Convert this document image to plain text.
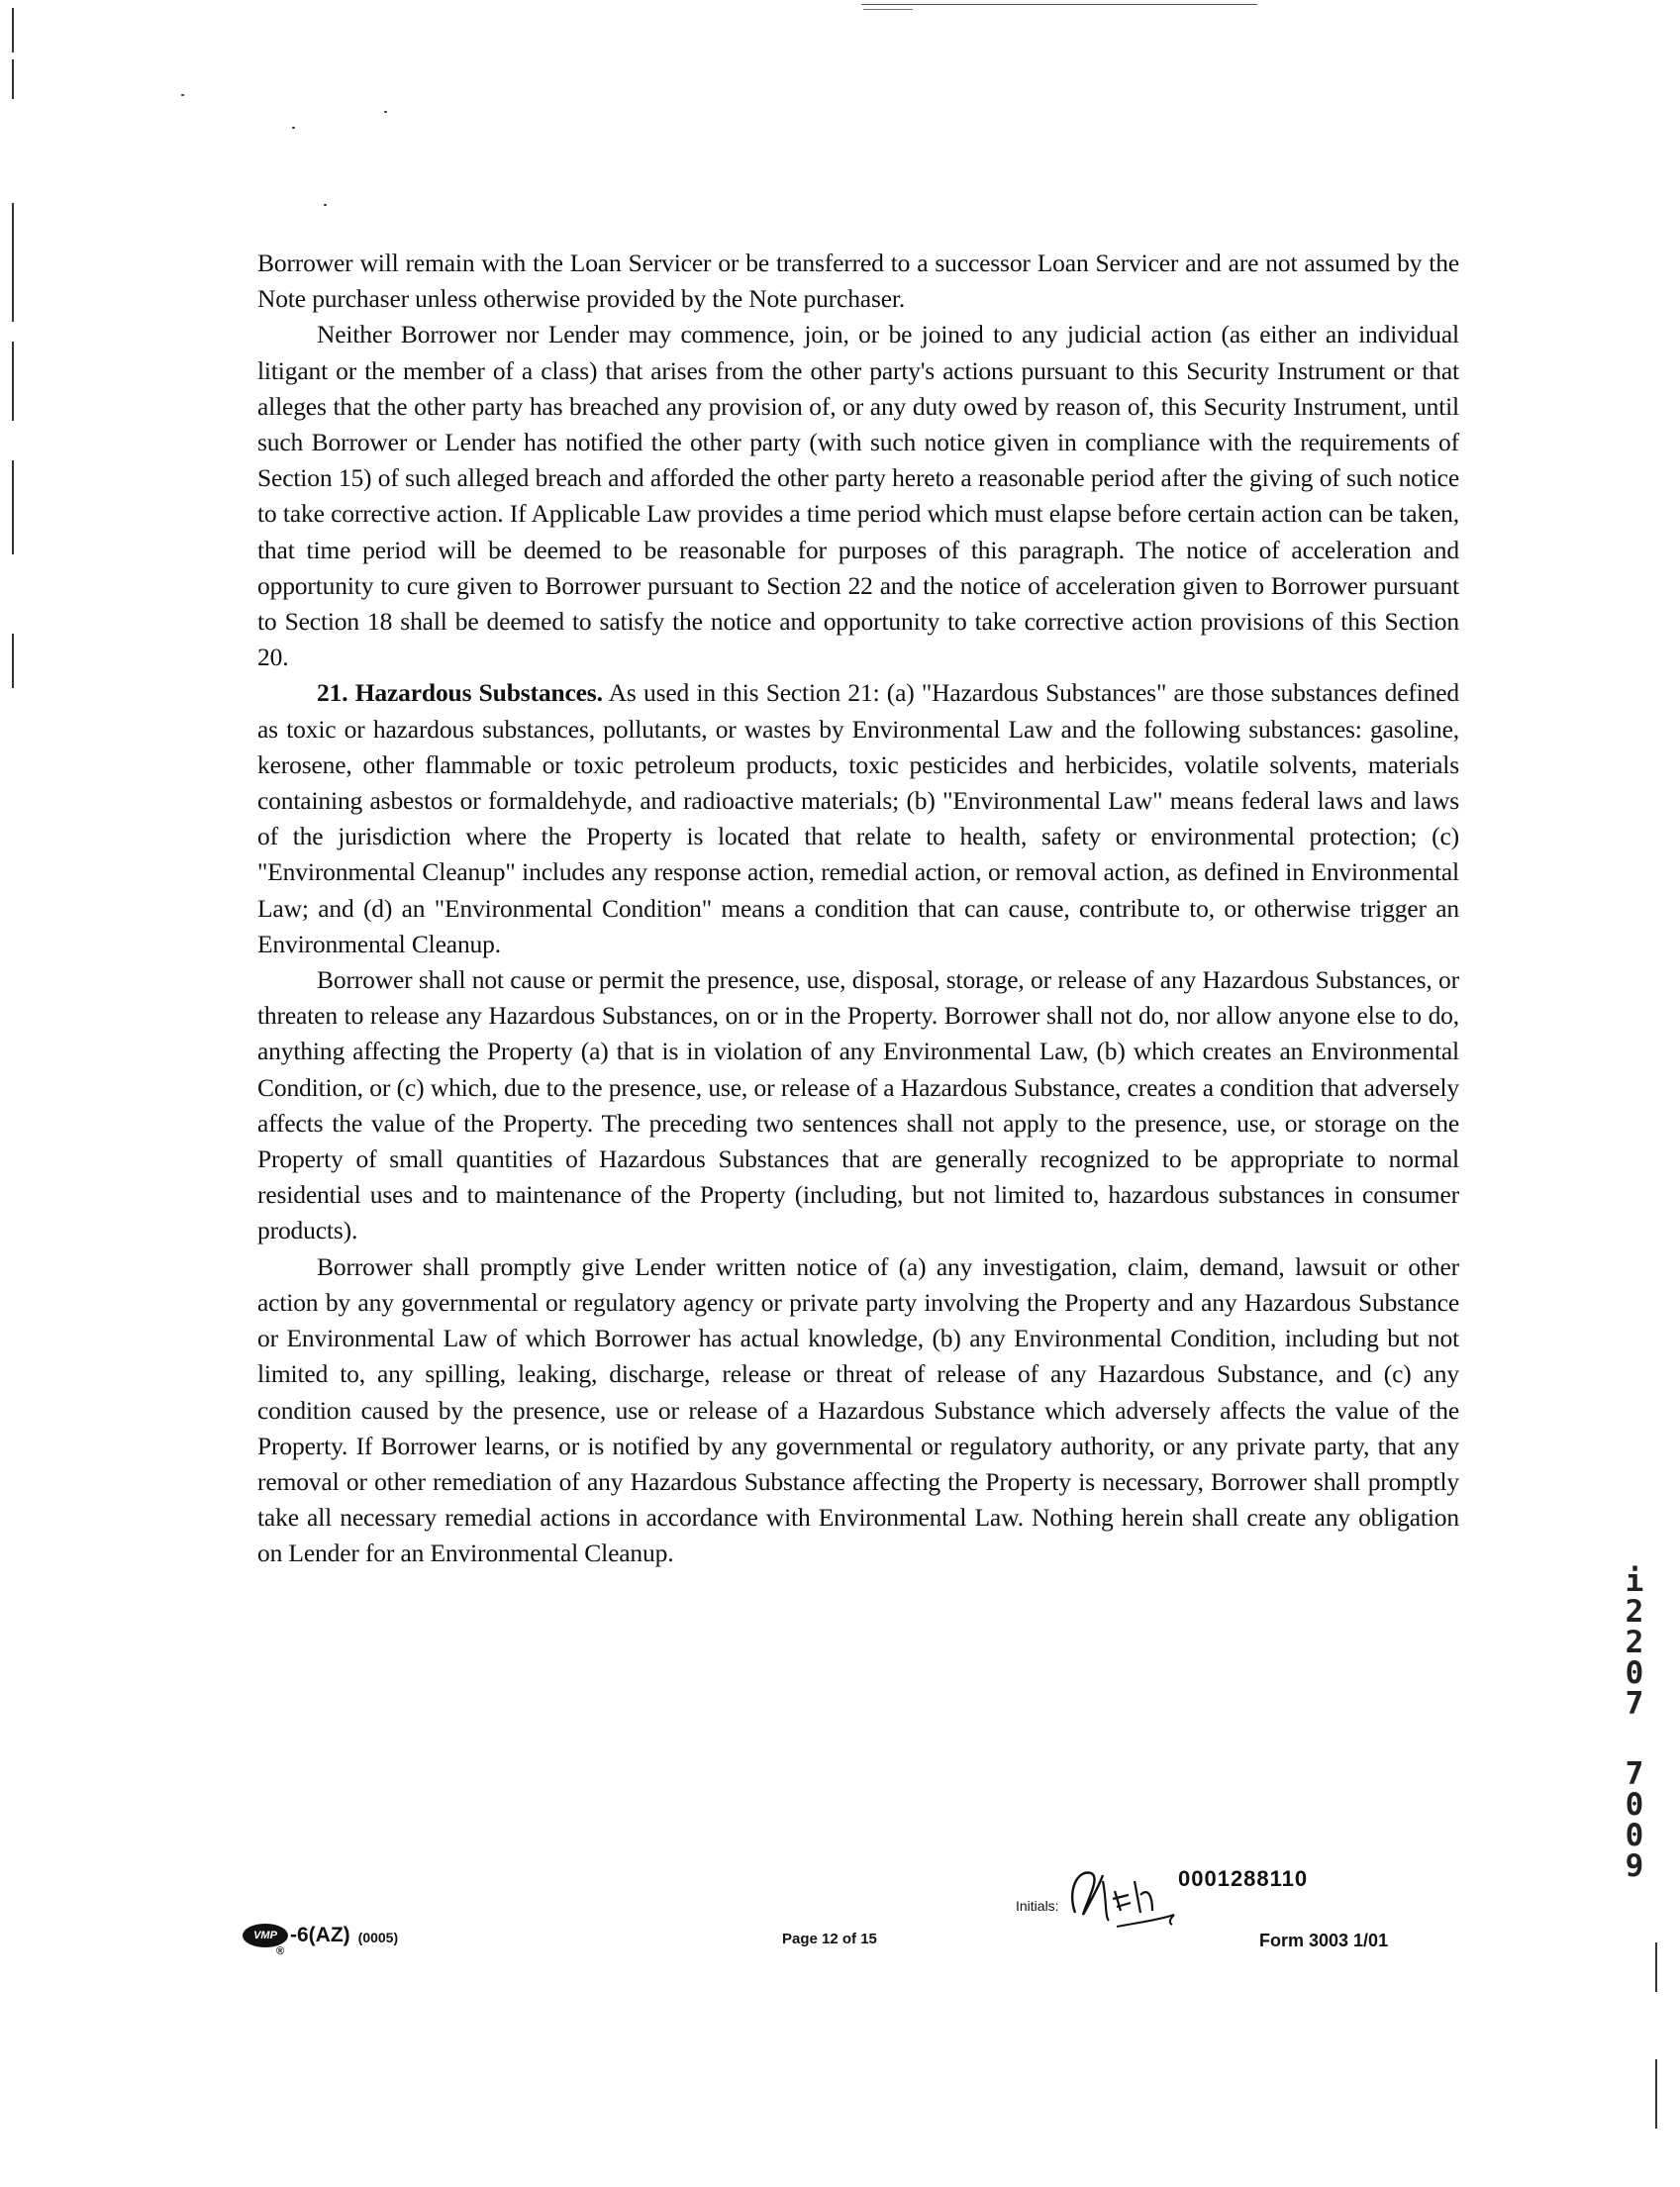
Borrower will remain with the Loan Servicer or be transferred to a successor Loan Servicer and are not assumed by the Note purchaser unless otherwise provided by the Note purchaser.

Neither Borrower nor Lender may commence, join, or be joined to any judicial action (as either an individual litigant or the member of a class) that arises from the other party's actions pursuant to this Security Instrument or that alleges that the other party has breached any provision of, or any duty owed by reason of, this Security Instrument, until such Borrower or Lender has notified the other party (with such notice given in compliance with the requirements of Section 15) of such alleged breach and afforded the other party hereto a reasonable period after the giving of such notice to take corrective action. If Applicable Law provides a time period which must elapse before certain action can be taken, that time period will be deemed to be reasonable for purposes of this paragraph. The notice of acceleration and opportunity to cure given to Borrower pursuant to Section 22 and the notice of acceleration given to Borrower pursuant to Section 18 shall be deemed to satisfy the notice and opportunity to take corrective action provisions of this Section 20.

21. Hazardous Substances. As used in this Section 21: (a) "Hazardous Substances" are those substances defined as toxic or hazardous substances, pollutants, or wastes by Environmental Law and the following substances: gasoline, kerosene, other flammable or toxic petroleum products, toxic pesticides and herbicides, volatile solvents, materials containing asbestos or formaldehyde, and radioactive materials; (b) "Environmental Law" means federal laws and laws of the jurisdiction where the Property is located that relate to health, safety or environmental protection; (c) "Environmental Cleanup" includes any response action, remedial action, or removal action, as defined in Environmental Law; and (d) an "Environmental Condition" means a condition that can cause, contribute to, or otherwise trigger an Environmental Cleanup.

Borrower shall not cause or permit the presence, use, disposal, storage, or release of any Hazardous Substances, or threaten to release any Hazardous Substances, on or in the Property. Borrower shall not do, nor allow anyone else to do, anything affecting the Property (a) that is in violation of any Environmental Law, (b) which creates an Environmental Condition, or (c) which, due to the presence, use, or release of a Hazardous Substance, creates a condition that adversely affects the value of the Property. The preceding two sentences shall not apply to the presence, use, or storage on the Property of small quantities of Hazardous Substances that are generally recognized to be appropriate to normal residential uses and to maintenance of the Property (including, but not limited to, hazardous substances in consumer products).

Borrower shall promptly give Lender written notice of (a) any investigation, claim, demand, lawsuit or other action by any governmental or regulatory agency or private party involving the Property and any Hazardous Substance or Environmental Law of which Borrower has actual knowledge, (b) any Environmental Condition, including but not limited to, any spilling, leaking, discharge, release or threat of release of any Hazardous Substance, and (c) any condition caused by the presence, use or release of a Hazardous Substance which adversely affects the value of the Property. If Borrower learns, or is notified by any governmental or regulatory authority, or any private party, that any removal or other remediation of any Hazardous Substance affecting the Property is necessary, Borrower shall promptly take all necessary remedial actions in accordance with Environmental Law. Nothing herein shall create any obligation on Lender for an Environmental Cleanup.

VMP
®
-6(AZ) (0005)	Page 12 of 15
Initials:
0001288110
Form 3003 1/01
i
2
2
0
7
7
0
0
9
